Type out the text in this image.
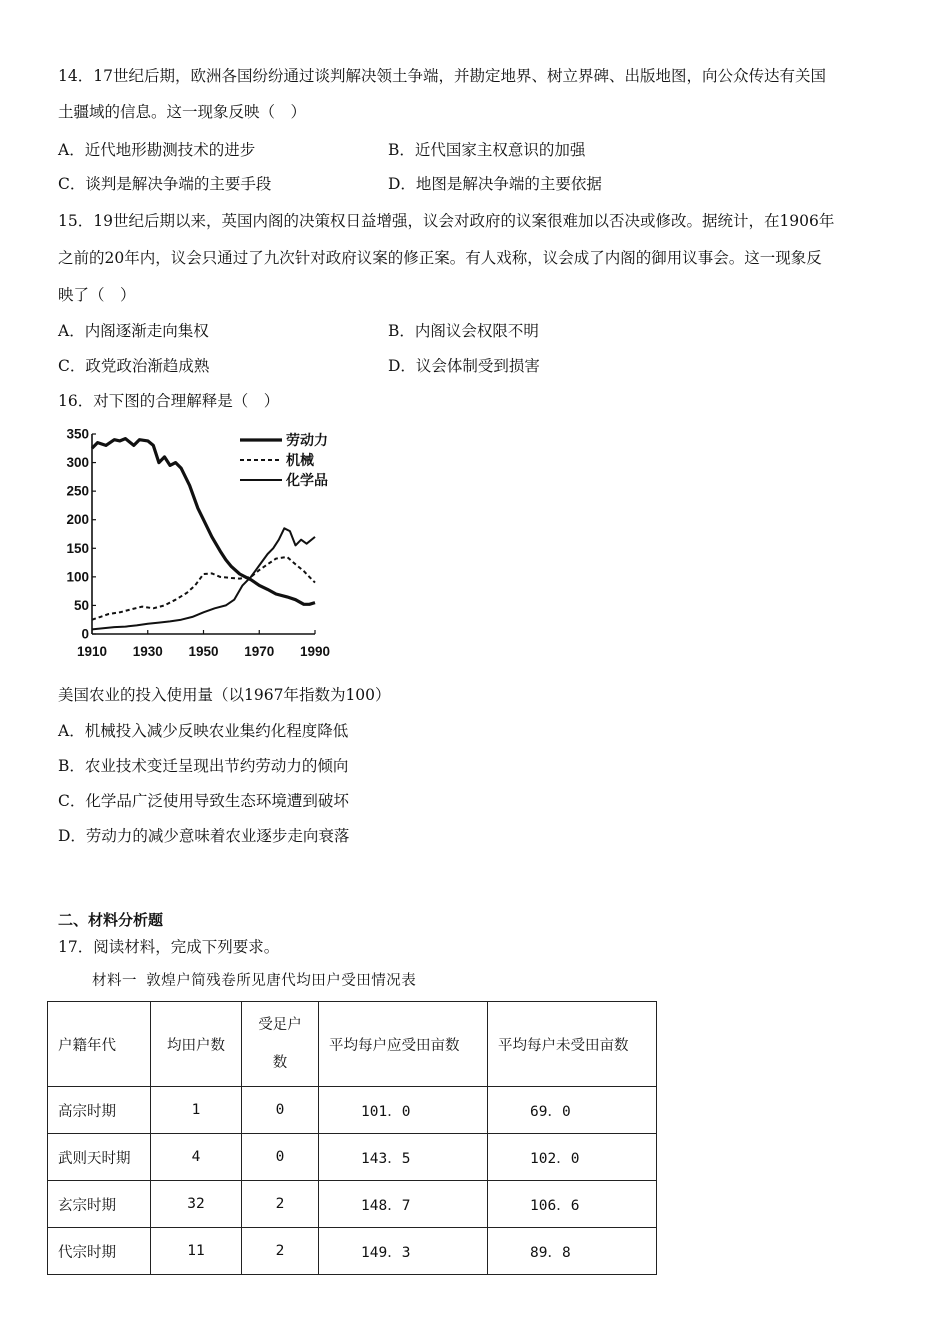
14．17世纪后期，欧洲各国纷纷通过谈判解决领土争端，并勘定地界、树立界碑、出版地图，向公众传达有关国
土疆域的信息。这一现象反映（　）
A．近代地形勘测技术的进步	B．近代国家主权意识的加强
C．谈判是解决争端的主要手段	D．地图是解决争端的主要依据
15．19世纪后期以来，英国内阁的决策权日益增强，议会对政府的议案很难加以否决或修改。据统计，在1906年
之前的20年内，议会只通过了九次针对政府议案的修正案。有人戏称，议会成了内阁的御用议事会。这一现象反
映了（　）
A．内阁逐渐走向集权	B．内阁议会权限不明
C．政党政治渐趋成熟	D．议会体制受到损害
16．对下图的合理解释是（　）
0
50
100
150
200
250
300
350
1910 1930 1950 1970 1990
劳动力
机械
化学品
美国农业的投入使用量（以1967年指数为100）
A．机械投入减少反映农业集约化程度降低
B．农业技术变迁呈现出节约劳动力的倾向
C．化学品广泛使用导致生态环境遭到破坏
D．劳动力的减少意味着农业逐步走向衰落
二、材料分析题
17．阅读材料，完成下列要求。
材料一 敦煌户简残卷所见唐代均田户受田情况表
户籍年代	均田户数	受足户数	平均每户应受田亩数	平均每户未受田亩数
高宗时期	1	0	101．0	69．0
武则天时期	4	0	143．5	102．0
玄宗时期	32	2	148．7	106．6
代宗时期	11	2	149．3	89．8
